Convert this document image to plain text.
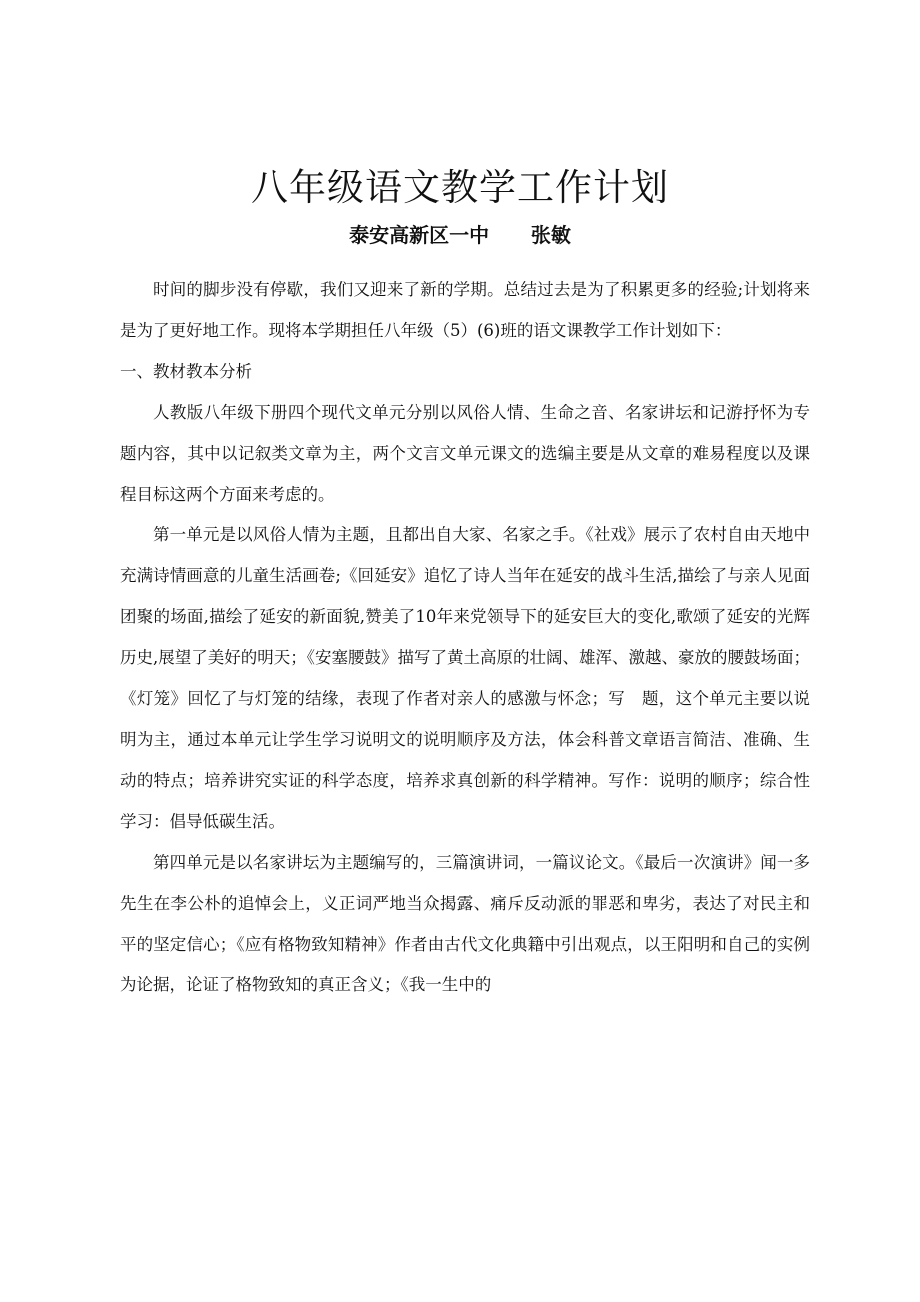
八年级语文教学工作计划
泰安高新区一中      张敏

时间的脚步没有停歇，我们又迎来了新的学期。总结过去是为了积累更多的经验;计划将来是为了更好地工作。现将本学期担任八年级（5）(6)班的语文课教学工作计划如下：

一、教材教本分析

人教版八年级下册四个现代文单元分别以风俗人情、生命之音、名家讲坛和记游抒怀为专题内容，其中以记叙类文章为主，两个文言文单元课文的选编主要是从文章的难易程度以及课程目标这两个方面来考虑的。

第一单元是以风俗人情为主题，且都出自大家、名家之手。《社戏》展示了农村自由天地中充满诗情画意的儿童生活画卷;《回延安》追忆了诗人当年在延安的战斗生活,描绘了与亲人见面团聚的场面,描绘了延安的新面貌,赞美了10年来党领导下的延安巨大的变化,歌颂了延安的光辉历史,展望了美好的明天；《安塞腰鼓》描写了黄土高原的壮阔、雄浑、激越、豪放的腰鼓场面；《灯笼》回忆了与灯笼的结缘，表现了作者对亲人的感激与怀念；写　题，这个单元主要以说明为主，通过本单元让学生学习说明文的说明顺序及方法，体会科普文章语言简洁、准确、生动的特点；培养讲究实证的科学态度，培养求真创新的科学精神。写作：说明的顺序；综合性学习：倡导低碳生活。

第四单元是以名家讲坛为主题编写的，三篇演讲词，一篇议论文。《最后一次演讲》闻一多先生在李公朴的追悼会上，义正词严地当众揭露、痛斥反动派的罪恶和卑劣，表达了对民主和平的坚定信心；《应有格物致知精神》作者由古代文化典籍中引出观点，以王阳明和自己的实例为论据，论证了格物致知的真正含义；《我一生中的
